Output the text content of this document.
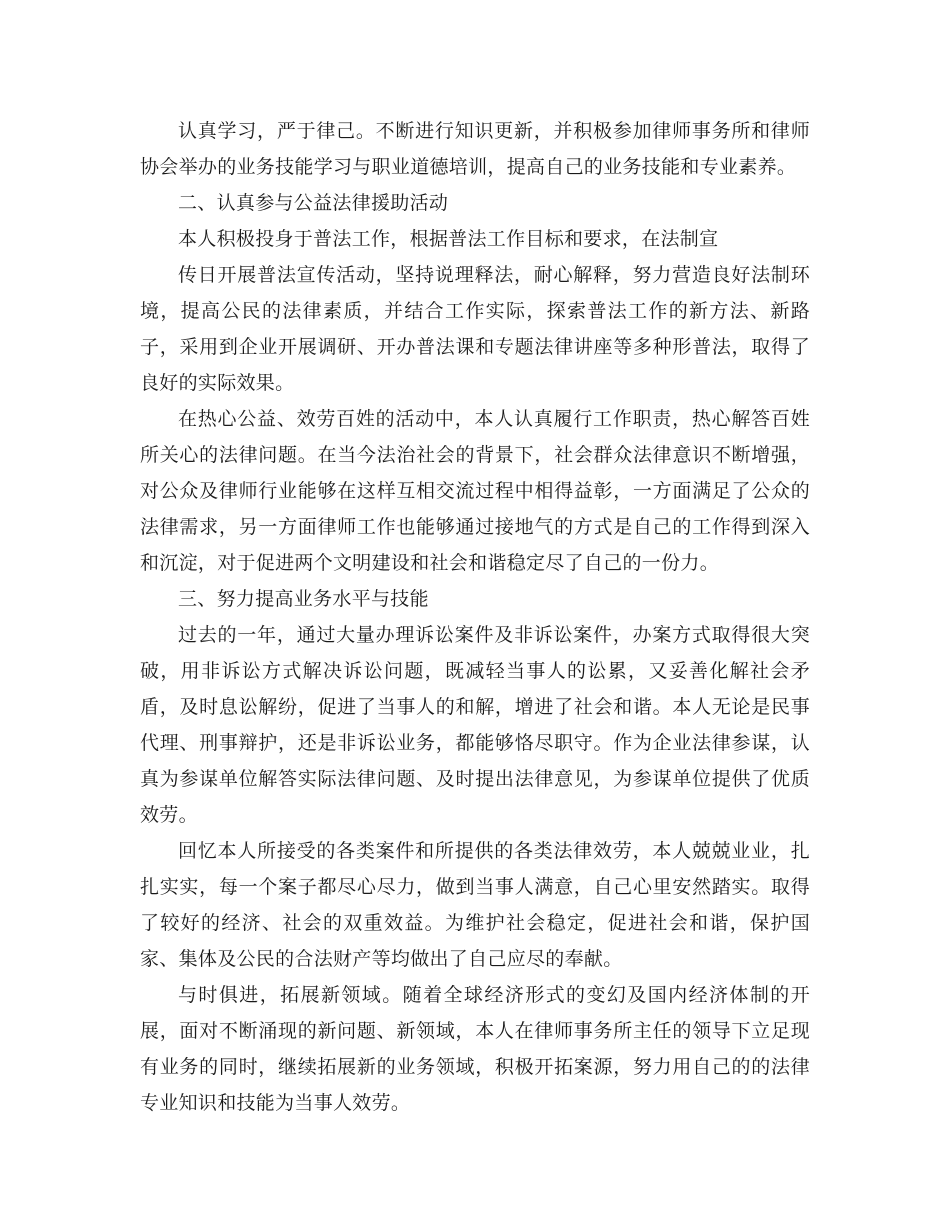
认真学习，严于律己。不断进行知识更新，并积极参加律师事务所和律师协会举办的业务技能学习与职业道德培训，提高自己的业务技能和专业素养。

二、认真参与公益法律援助活动

本人积极投身于普法工作，根据普法工作目标和要求，在法制宣

传日开展普法宣传活动，坚持说理释法，耐心解释，努力营造良好法制环境，提高公民的法律素质，并结合工作实际，探索普法工作的新方法、新路子，采用到企业开展调研、开办普法课和专题法律讲座等多种形普法，取得了良好的实际效果。

在热心公益、效劳百姓的活动中，本人认真履行工作职责，热心解答百姓所关心的法律问题。在当今法治社会的背景下，社会群众法律意识不断增强，对公众及律师行业能够在这样互相交流过程中相得益彰，一方面满足了公众的法律需求，另一方面律师工作也能够通过接地气的方式是自己的工作得到深入和沉淀，对于促进两个文明建设和社会和谐稳定尽了自己的一份力。

三、努力提高业务水平与技能

过去的一年，通过大量办理诉讼案件及非诉讼案件，办案方式取得很大突破，用非诉讼方式解决诉讼问题，既减轻当事人的讼累，又妥善化解社会矛盾，及时息讼解纷，促进了当事人的和解，增进了社会和谐。本人无论是民事代理、刑事辩护，还是非诉讼业务，都能够恪尽职守。作为企业法律参谋，认真为参谋单位解答实际法律问题、及时提出法律意见，为参谋单位提供了优质效劳。

回忆本人所接受的各类案件和所提供的各类法律效劳，本人兢兢业业，扎扎实实，每一个案子都尽心尽力，做到当事人满意，自己心里安然踏实。取得了较好的经济、社会的双重效益。为维护社会稳定，促进社会和谐，保护国家、集体及公民的合法财产等均做出了自己应尽的奉献。

与时俱进，拓展新领域。随着全球经济形式的变幻及国内经济体制的开展，面对不断涌现的新问题、新领域，本人在律师事务所主任的领导下立足现有业务的同时，继续拓展新的业务领域，积极开拓案源，努力用自己的的法律专业知识和技能为当事人效劳。
